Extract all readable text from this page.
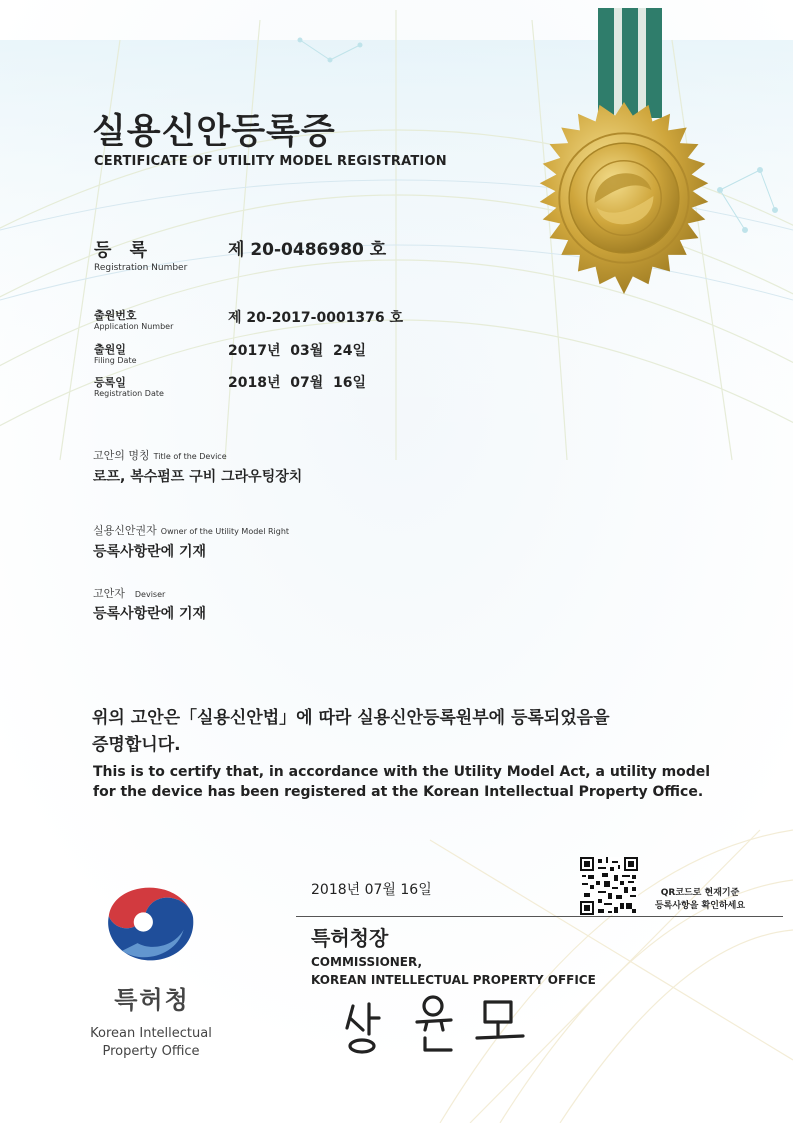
실용신안등록증
CERTIFICATE OF UTILITY MODEL REGISTRATION
등 록
Registration Number
제 20-0486980 호
출원번호
Application Number
제 20-2017-0001376 호
출원일
Filing Date
2017년  03월  24일
등록일
Registration Date
2018년  07월  16일
고안의 명칭 Title of the Device
로프, 복수펌프 구비 그라우팅장치
실용신안권자 Owner of the Utility Model Right
등록사항란에 기재
고안자 Deviser
등록사항란에 기재
위의 고안은「실용신안법」에 따라 실용신안등록원부에 등록되었음을
증명합니다.
This is to certify that, in accordance with the Utility Model Act, a utility model
for the device has been registered at the Korean Intellectual Property Office.
특허청
Korean Intellectual
Property Office
2018년 07월 16일	QR코드로 현재기준
등록사항을 확인하세요
특허청장
COMMISSIONER,
KOREAN INTELLECTUAL PROPERTY OFFICE
